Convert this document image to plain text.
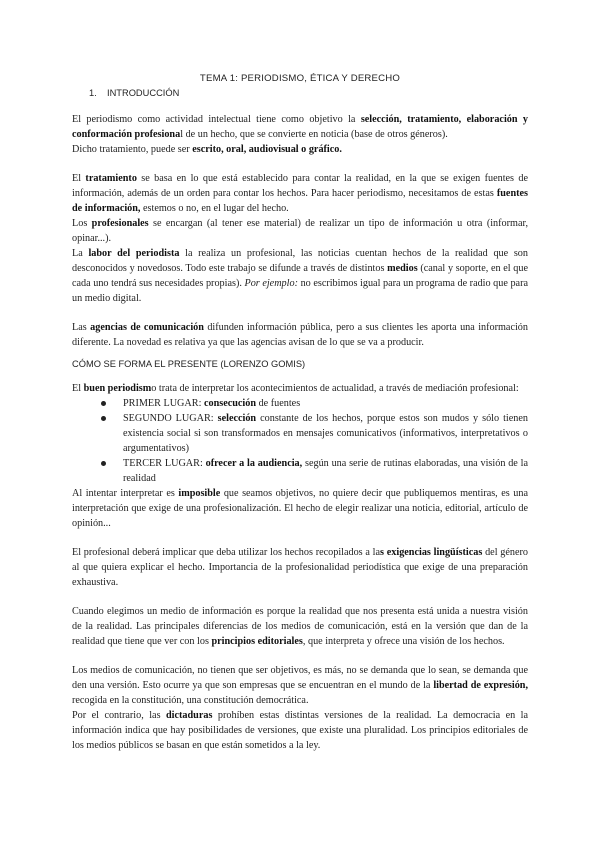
TEMA 1: PERIODISMO, ÉTICA Y DERECHO
1. INTRODUCCIÓN

El periodismo como actividad intelectual tiene como objetivo la selección, tratamiento, elaboración y conformación profesional de un hecho, que se convierte en noticia (base de otros géneros).

Dicho tratamiento, puede ser escrito, oral, audiovisual o gráfico.

El tratamiento se basa en lo que está establecido para contar la realidad, en la que se exigen fuentes de información, además de un orden para contar los hechos. Para hacer periodismo, necesitamos de estas fuentes de información, estemos o no, en el lugar del hecho.

Los profesionales se encargan (al tener ese material) de realizar un tipo de información u otra (informar, opinar...).

La labor del periodista la realiza un profesional, las noticias cuentan hechos de la realidad que son desconocidos y novedosos. Todo este trabajo se difunde a través de distintos medios (canal y soporte, en el que cada uno tendrá sus necesidades propias). Por ejemplo: no escribimos igual para un programa de radio que para un medio digital.

Las agencias de comunicación difunden información pública, pero a sus clientes les aporta una información diferente. La novedad es relativa ya que las agencias avisan de lo que se va a producir.

CÓMO SE FORMA EL PRESENTE (LORENZO GOMIS)

El buen periodismo trata de interpretar los acontecimientos de actualidad, a través de mediación profesional:

PRIMER LUGAR: consecución de fuentes
SEGUNDO LUGAR: selección constante de los hechos, porque estos son mudos y sólo tienen existencia social si son transformados en mensajes comunicativos (informativos, interpretativos o argumentativos)
TERCER LUGAR: ofrecer a la audiencia, según una serie de rutinas elaboradas, una visión de la realidad

Al intentar interpretar es imposible que seamos objetivos, no quiere decir que publiquemos mentiras, es una interpretación que exige de una profesionalización. El hecho de elegir realizar una noticia, editorial, artículo de opinión...

El profesional deberá implicar que deba utilizar los hechos recopilados a las exigencias lingüísticas del género al que quiera explicar el hecho. Importancia de la profesionalidad periodística que exige de una preparación exhaustiva.

Cuando elegimos un medio de información es porque la realidad que nos presenta está unida a nuestra visión de la realidad. Las principales diferencias de los medios de comunicación, está en la versión que dan de la realidad que tiene que ver con los principios editoriales, que interpreta y ofrece una visión de los hechos.

Los medios de comunicación, no tienen que ser objetivos, es más, no se demanda que lo sean, se demanda que den una versión. Esto ocurre ya que son empresas que se encuentran en el mundo de la libertad de expresión, recogida en la constitución, una constitución democrática.

Por el contrario, las dictaduras prohíben estas distintas versiones de la realidad. La democracia en la información indica que hay posibilidades de versiones, que existe una pluralidad. Los principios editoriales de los medios públicos se basan en que están sometidos a la ley.
